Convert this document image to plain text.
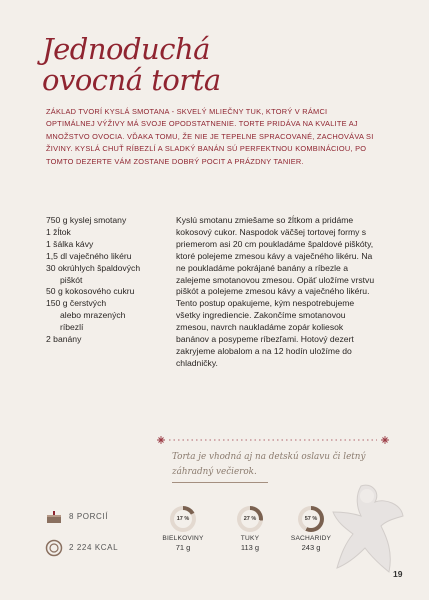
Jednoduchá
ovocná torta
ZÁKLAD TVORÍ KYSLÁ SMOTANA - SKVELÝ MLIEČNY TUK, KTORÝ V RÁMCI OPTIMÁLNEJ VÝŽIVY MÁ SVOJE OPODSTATNENIE. TORTE PRIDÁVA NA KVALITE AJ MNOŽSTVO OVOCIA. VĎAKA TOMU, ŽE NIE JE TEPELNE SPRACOVANÉ, ZACHOVÁVA SI ŽIVINY. KYSLÁ CHUŤ RÍBEZLÍ A SLADKÝ BANÁN SÚ PERFEKTNOU KOMBINÁCIOU, PO TOMTO DEZERTE VÁM ZOSTANE DOBRÝ POCIT A PRÁZDNY TANIER.
750 g kyslej smotany
1 žĺtok
1 šálka kávy
1,5 dl vaječného likéru
30 okrúhlych špaldových
piškót
50 g kokosového cukru
150 g čerstvých
alebo mrazených
ríbezlí
2 banány

Kyslú smotanu zmiešame so žĺtkom a pridáme kokosový cukor. Naspodok väčšej tortovej formy s priemerom asi 20 cm poukladáme špaldové piškóty, ktoré polejeme zmesou kávy a vaječného likéru. Na ne poukladáme pokrájané banány a ríbezle a zalejeme smotanovou zmesou. Opäť uložíme vrstvu piškót a polejeme zmesou kávy a vaječného likéru. Tento postup opakujeme, kým nespotrebujeme všetky ingrediencie. Zakončíme smotanovou zmesou, navrch naukladáme zopár koliesok banánov a posypeme ríbezľami. Hotový dezert zakryjeme alobalom a na 12 hodín uložíme do chladničky.

Torta je vhodná aj na detskú oslavu či letný záhradný večierok.
8 PORCIÍ
2 224 KCAL
17 %
BIELKOVINY
71 g
27 %
TUKY
113 g
57 %
SACHARIDY
243 g
19
